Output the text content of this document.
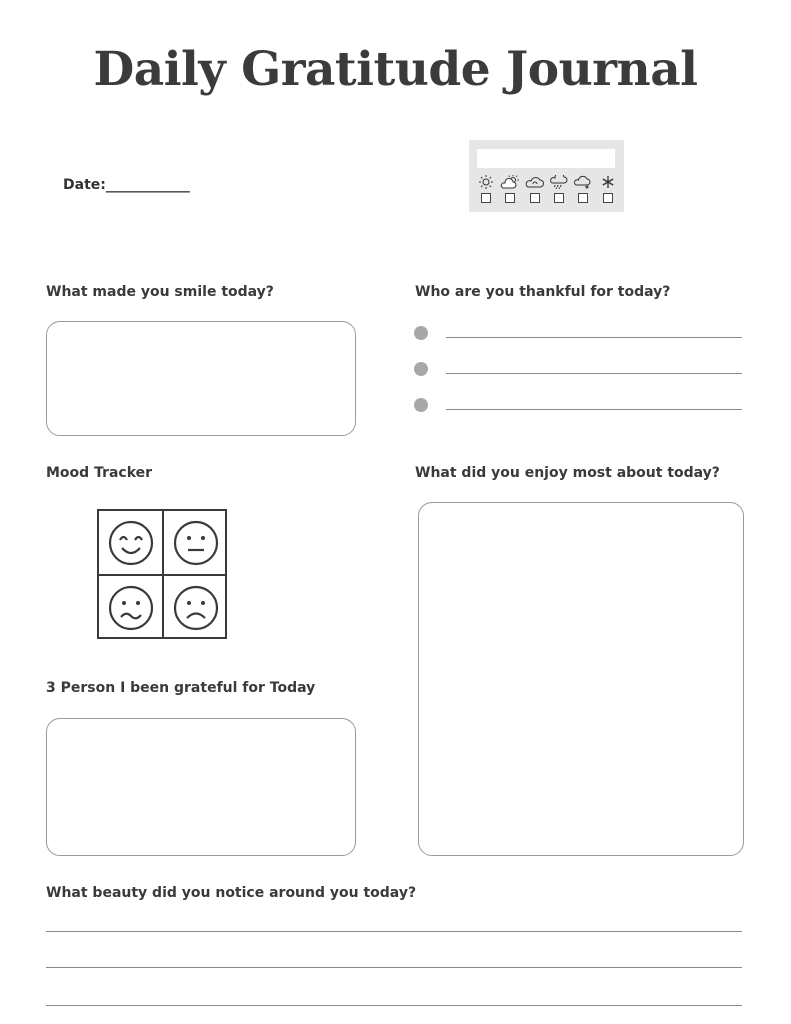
Daily Gratitude Journal
Date:____________
What made you smile today?
Mood Tracker
3 Person I been grateful for Today
Who are you thankful for today?
What did you enjoy most about today?
What beauty did you notice around you today?
